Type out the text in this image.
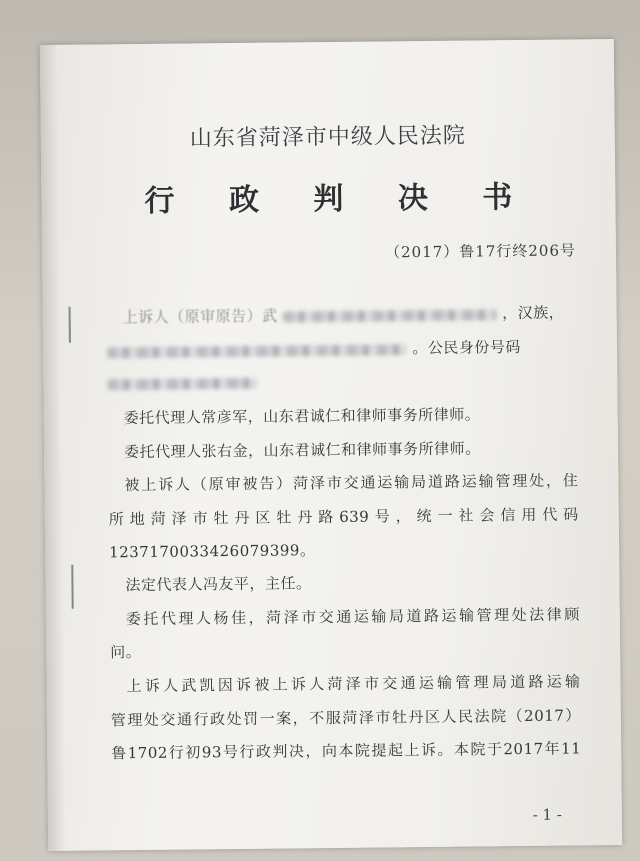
山东省菏泽市中级人民法院
行 政 判 决 书
（2017）鲁17行终206号
上诉人（原审原告）武	，汉族，
。公民身份号码
委托代理人常彦军，山东君诚仁和律师事务所律师。
委托代理人张右金，山东君诚仁和律师事务所律师。
被上诉人（原审被告）菏泽市交通运输局道路运输管理处，住
所地菏泽市牡丹区牡丹路639号，统一社会信用代码
1237170033426079399。
法定代表人冯友平，主任。
委托代理人杨佳，菏泽市交通运输局道路运输管理处法律顾
问。
上诉人武凯因诉被上诉人菏泽市交通运输管理局道路运输
管理处交通行政处罚一案，不服菏泽市牡丹区人民法院（2017）
鲁1702行初93号行政判决，向本院提起上诉。本院于2017年11
- 1 -
